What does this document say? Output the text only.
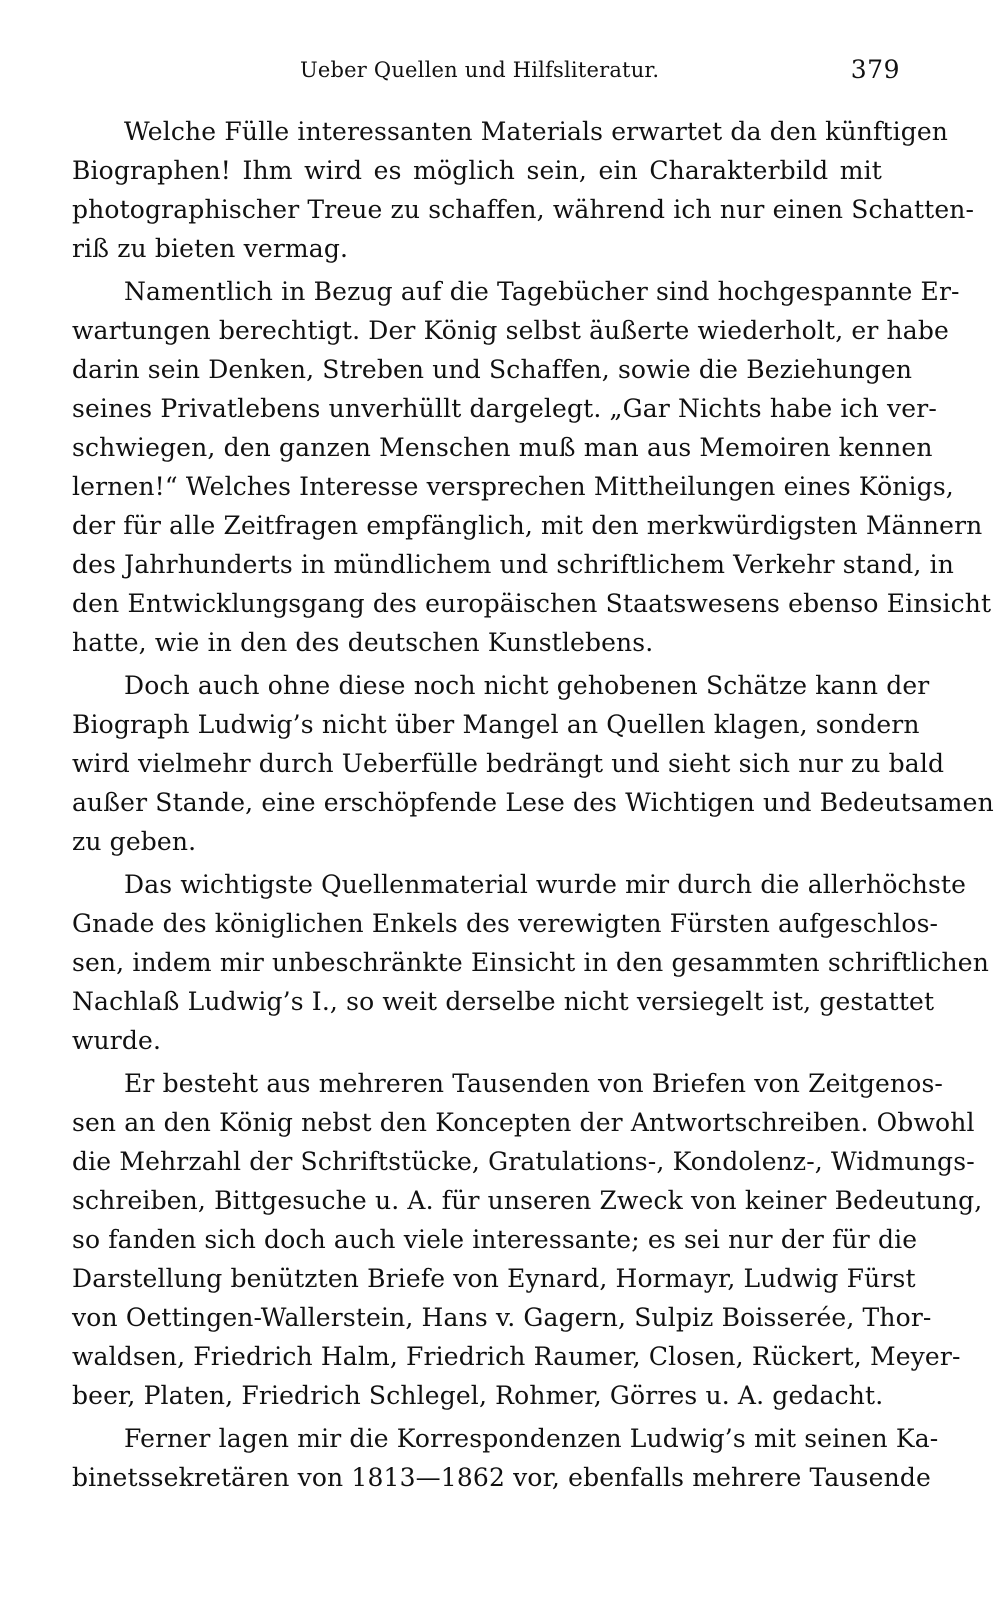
Ueber Quellen und Hilfsliteratur.	379
Welche Fülle interessanten Materials erwartet da den künftigen
Biographen! Ihm wird es möglich sein, ein Charakterbild mit
photographischer Treue zu schaffen, während ich nur einen Schatten-
riß zu bieten vermag.
Namentlich in Bezug auf die Tagebücher sind hochgespannte Er-
wartungen berechtigt. Der König selbst äußerte wiederholt, er habe
darin sein Denken, Streben und Schaffen, sowie die Beziehungen
seines Privatlebens unverhüllt dargelegt. „Gar Nichts habe ich ver-
schwiegen, den ganzen Menschen muß man aus Memoiren kennen
lernen!“ Welches Interesse versprechen Mittheilungen eines Königs,
der für alle Zeitfragen empfänglich, mit den merkwürdigsten Männern
des Jahrhunderts in mündlichem und schriftlichem Verkehr stand, in
den Entwicklungsgang des europäischen Staatswesens ebenso Einsicht
hatte, wie in den des deutschen Kunstlebens.
Doch auch ohne diese noch nicht gehobenen Schätze kann der
Biograph Ludwig’s nicht über Mangel an Quellen klagen, sondern
wird vielmehr durch Ueberfülle bedrängt und sieht sich nur zu bald
außer Stande, eine erschöpfende Lese des Wichtigen und Bedeutsamen
zu geben.
Das wichtigste Quellenmaterial wurde mir durch die allerhöchste
Gnade des königlichen Enkels des verewigten Fürsten aufgeschlos-
sen, indem mir unbeschränkte Einsicht in den gesammten schriftlichen
Nachlaß Ludwig’s I., so weit derselbe nicht versiegelt ist, gestattet
wurde.
Er besteht aus mehreren Tausenden von Briefen von Zeitgenos-
sen an den König nebst den Koncepten der Antwortschreiben. Obwohl
die Mehrzahl der Schriftstücke, Gratulations-, Kondolenz-, Widmungs-
schreiben, Bittgesuche u. A. für unseren Zweck von keiner Bedeutung,
so fanden sich doch auch viele interessante; es sei nur der für die
Darstellung benützten Briefe von Eynard, Hormayr, Ludwig Fürst
von Oettingen-Wallerstein, Hans v. Gagern, Sulpiz Boisserée, Thor-
waldsen, Friedrich Halm, Friedrich Raumer, Closen, Rückert, Meyer-
beer, Platen, Friedrich Schlegel, Rohmer, Görres u. A. gedacht.
Ferner lagen mir die Korrespondenzen Ludwig’s mit seinen Ka-
binetssekretären von 1813—1862 vor, ebenfalls mehrere Tausende
